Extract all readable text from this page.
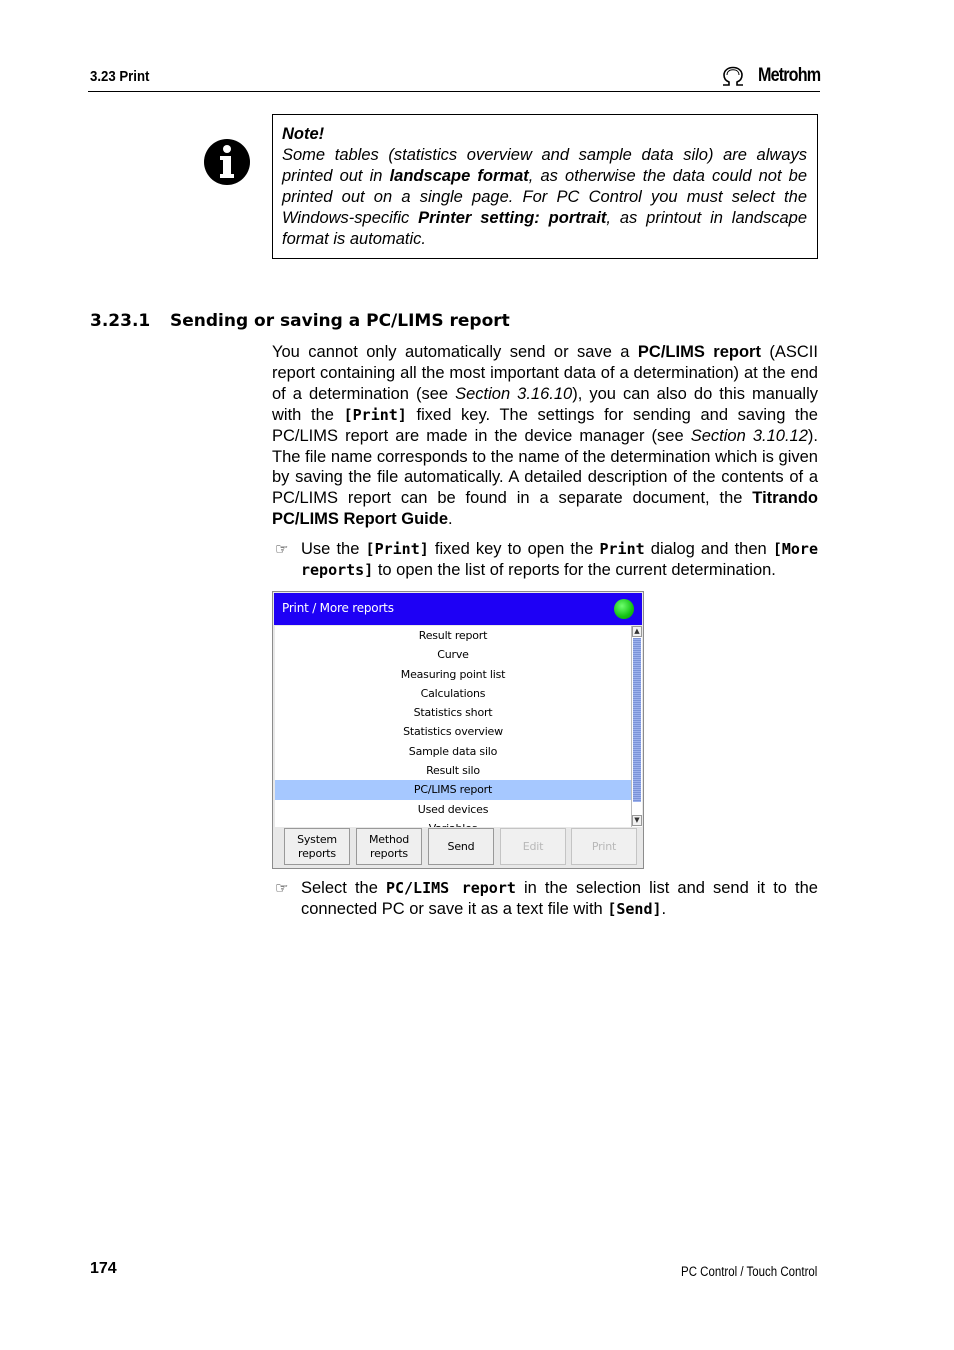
3.23 Print	Metrohm
Note!
Some tables (statistics overview and sample data silo) are always printed out in landscape format, as otherwise the data could not be printed out on a single page. For PC Control you must select the Windows-specific Printer setting: portrait, as printout in landscape format is automatic.
3.23.1 Sending or saving a PC/LIMS report
You cannot only automatically send or save a PC/LIMS report (ASCII report containing all the most important data of a determination) at the end of a determination (see Section 3.16.10), you can also do this manually with the [Print] fixed key. The settings for sending and saving the PC/LIMS report are made in the device manager (see Section 3.10.12). The file name corresponds to the name of the determination which is given by saving the file automatically. A detailed description of the contents of a PC/LIMS report can be found in a separate document, the Titrando PC/LIMS Report Guide.
☞ Use the [Print] fixed key to open the Print dialog and then [More reports] to open the list of reports for the current determination.
Print / More reports
Result report
Curve
Measuring point list
Calculations
Statistics short
Statistics overview
Sample data silo
Result silo
PC/LIMS report
Used devices
▲
▼
System
reports
Method
reports
Send	Edit	Print
☞ Select the PC/LIMS report in the selection list and send it to the connected PC or save it as a text file with [Send].
174	PC Control / Touch Control
